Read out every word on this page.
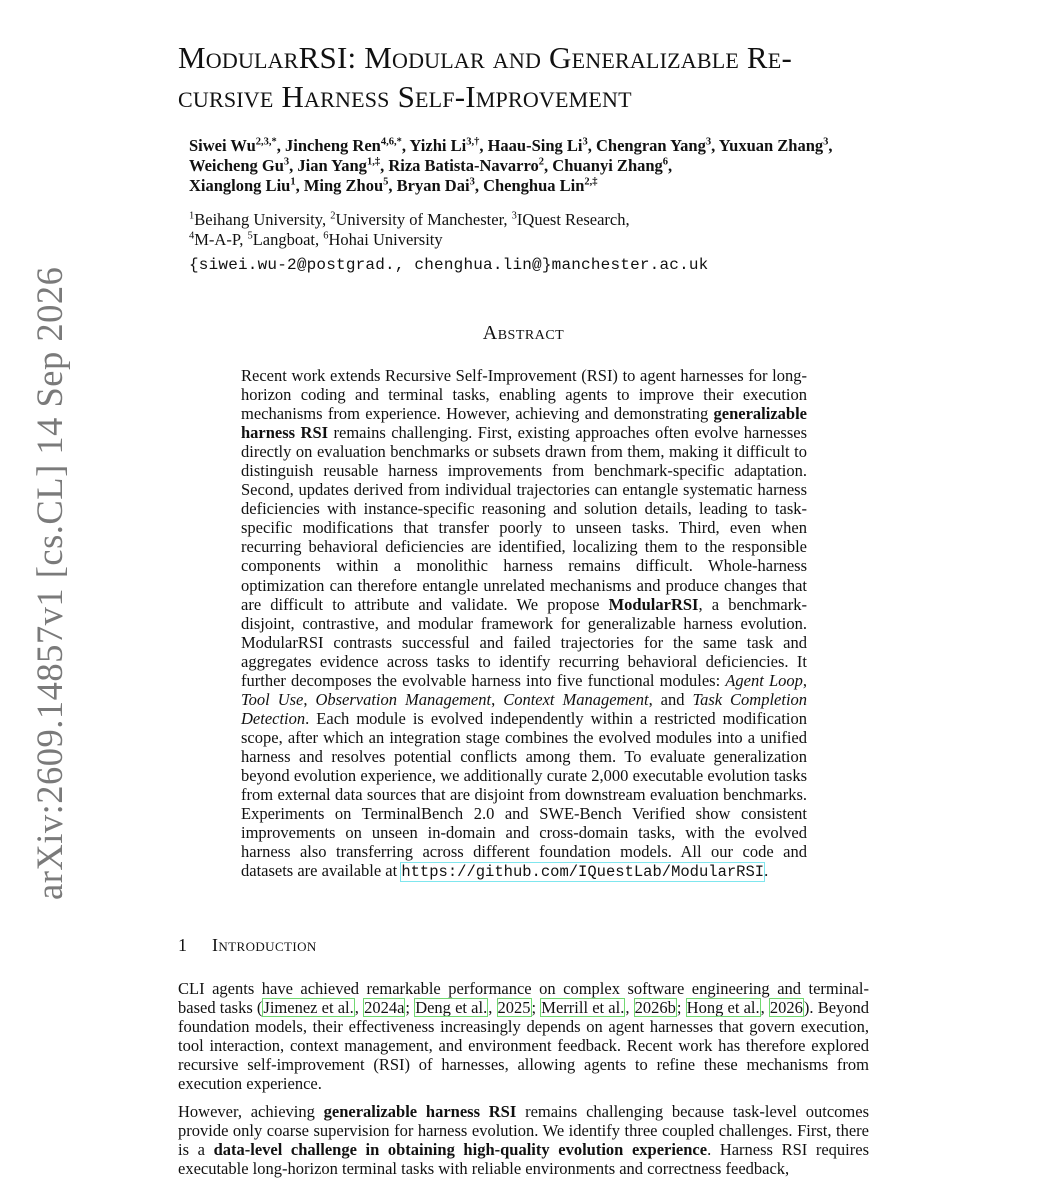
arXiv:2609.14857v1 [cs.CL] 14 Sep 2026
ModularRSI: Modular and Generalizable Re-
cursive Harness Self-Improvement
Siwei $Wu^{2,3,*}$, Jincheng Ren$^{4,6,*}$, Yizhi $Li^{3,\dagger}$, Haau-Sing Li$^3$, Chengran Yang$^3$, Yuxuan Zhang$^3$, Weicheng Gu$^3$, Jian Yang$^{1,\ddagger}$, Riza Batista-Navarro$^2$, Chuanyi Zhang$^6$,
Xianglong Liu$^1$, Ming Zhou$^5$, Bryan Dai$^3$, Chenghua Lin$^{2,\ddagger}$
$^1$Beihang University, $^2$University of Manchester, $^3$IQuest Research,
$^4$M-A-P, $^5$Langboat, $^6$Hohai University
{siwei.wu-2@postgrad., chenghua.lin@}manchester.ac.uk
Abstract
Recent work extends Recursive Self-Improvement (RSI) to agent harnesses for long-horizon coding and terminal tasks, enabling agents to improve their execution mechanisms from experience. However, achieving and demonstrating generalizable harness RSI remains challenging. First, existing approaches often evolve harnesses directly on evaluation benchmarks or subsets drawn from them, making it difficult to distinguish reusable harness improvements from benchmark-specific adaptation. Second, updates derived from individual trajectories can entangle systematic harness deficiencies with instance-specific reasoning and solution details, leading to task-specific modifications that transfer poorly to unseen tasks. Third, even when recurring behavioral deficiencies are identified, localizing them to the responsible components within a monolithic harness remains difficult. Whole-harness optimization can therefore entangle unrelated mechanisms and produce changes that are difficult to attribute and validate. We propose ModularRSI, a benchmark-disjoint, contrastive, and modular framework for generalizable harness evolution. ModularRSI contrasts successful and failed trajectories for the same task and aggregates evidence across tasks to identify recurring behavioral deficiencies. It further decomposes the evolvable harness into five functional modules: Agent Loop, Tool Use, Observation Management, Context Management, and Task Completion Detection. Each module is evolved independently within a restricted modification scope, after which an integration stage combines the evolved modules into a unified harness and resolves potential conflicts among them. To evaluate generalization beyond evolution experience, we additionally curate 2,000 executable evolution tasks from external data sources that are disjoint from downstream evaluation benchmarks. Experiments on TerminalBench 2.0 and SWE-Bench Verified show consistent improvements on unseen in-domain and cross-domain tasks, with the evolved harness also transferring across different foundation models. All our code and datasets are available at https://github.com/IQuestLab/ModularRSI.
1 Introduction

CLI agents have achieved remarkable performance on complex software engineering and terminal-based tasks (Jimenez et al., 2024a; Deng et al., 2025; Merrill et al., 2026b; Hong et al., 2026). Beyond foundation models, their effectiveness increasingly depends on agent harnesses that govern execution, tool interaction, context management, and environment feedback. Recent work has therefore explored recursive self-improvement (RSI) of harnesses, allowing agents to refine these mechanisms from execution experience.

However, achieving generalizable harness RSI remains challenging because task-level outcomes provide only coarse supervision for harness evolution. We identify three coupled challenges. First, there is a data-level challenge in obtaining high-quality evolution experience. Harness RSI requires executable long-horizon terminal tasks with reliable environments and correctness feedback,
